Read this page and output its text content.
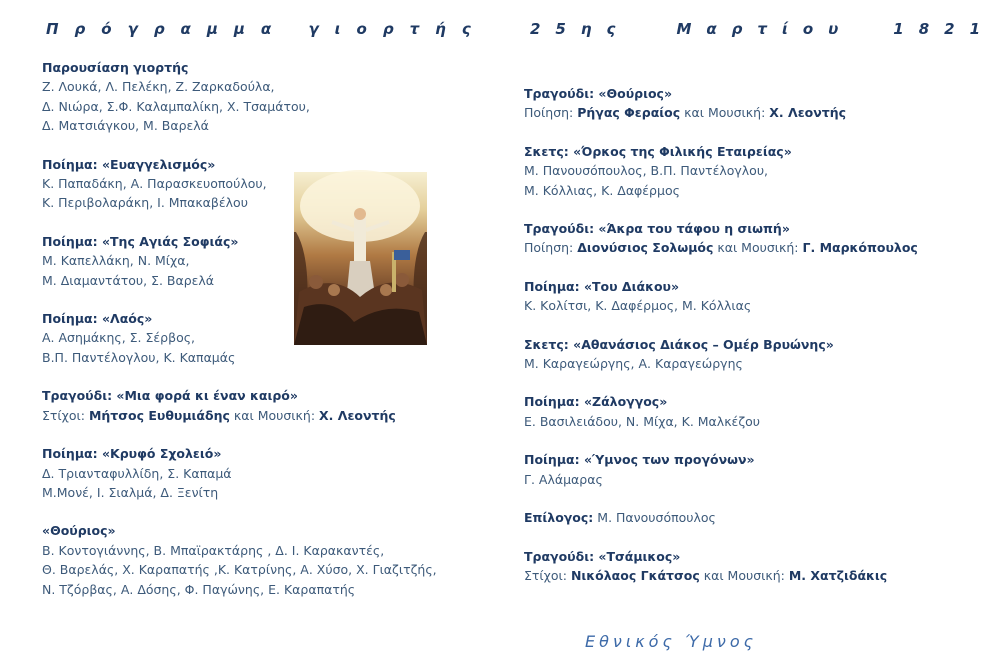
Πρόγραμμα γιορτής	25ης	Μαρτίου	1821
Παρουσίαση γιορτής
Ζ. Λουκά, Λ. Πελέκη, Ζ. Ζαρκαδούλα,
Δ. Νιώρα, Σ.Φ. Καλαμπαλίκη, Χ. Τσαμάτου,
Δ. Ματσιάγκου, Μ. Βαρελά
Ποίημα: «Ευαγγελισμός»
Κ. Παπαδάκη, Α. Παρασκευοπούλου,
Κ. Περιβολαράκη, Ι. Μπακαβέλου
Ποίημα: «Της Αγιάς Σοφιάς»
Μ. Καπελλάκη, Ν. Μίχα,
Μ. Διαμαντάτου, Σ. Βαρελά
Ποίημα: «Λαός»
Α. Ασημάκης, Σ. Σέρβος,
Β.Π. Παντέλογλου, Κ. Καπαμάς
Τραγούδι: «Μια φορά κι έναν καιρό»
Στίχοι: Μήτσος Ευθυμιάδης και Μουσική: Χ. Λεοντής
Ποίημα: «Κρυφό Σχολειό»
Δ. Τριανταφυλλίδη, Σ. Καπαμά
Μ.Μονέ, Ι. Σιαλμά, Δ. Ξενίτη
«Θούριος»
Β. Κοντογιάννης, Β. Μπαϊρακτάρης , Δ. Ι. Καρακαντές,
Θ. Βαρελάς, Χ. Καραπατής ,Κ. Κατρίνης, Α. Χύσο, Χ. Γιαζιτζής,
Ν. Τζόρβας, Α. Δόσης, Φ. Παγώνης, Ε. Καραπατής
Τραγούδι: «Θούριος»
Ποίηση: Ρήγας Φεραίος και Μουσική: Χ. Λεοντής
Σκετς: «Όρκος της Φιλικής Εταιρείας»
Μ. Πανουσόπουλος, Β.Π. Παντέλογλου,
Μ. Κόλλιας, Κ. Δαφέρμος
Τραγούδι: «Άκρα του τάφου η σιωπή»
Ποίηση: Διονύσιος Σολωμός και Μουσική: Γ. Μαρκόπουλος
Ποίημα: «Του Διάκου»
Κ. Κολίτσι, Κ. Δαφέρμος, Μ. Κόλλιας
Σκετς: «Αθανάσιος Διάκος – Ομέρ Βρυώνης»
Μ. Καραγεώργης, Α. Καραγεώργης
Ποίημα: «Ζάλογγος»
Ε. Βασιλειάδου, Ν. Μίχα, Κ. Μαλκέζου
Ποίημα: «Ύμνος των προγόνων»
Γ. Αλάμαρας
Επίλογος: Μ. Πανουσόπουλος
Τραγούδι: «Τσάμικος»
Στίχοι: Νικόλαος Γκάτσος και Μουσική: Μ. Χατζιδάκις
Εθνικός Ύμνος
